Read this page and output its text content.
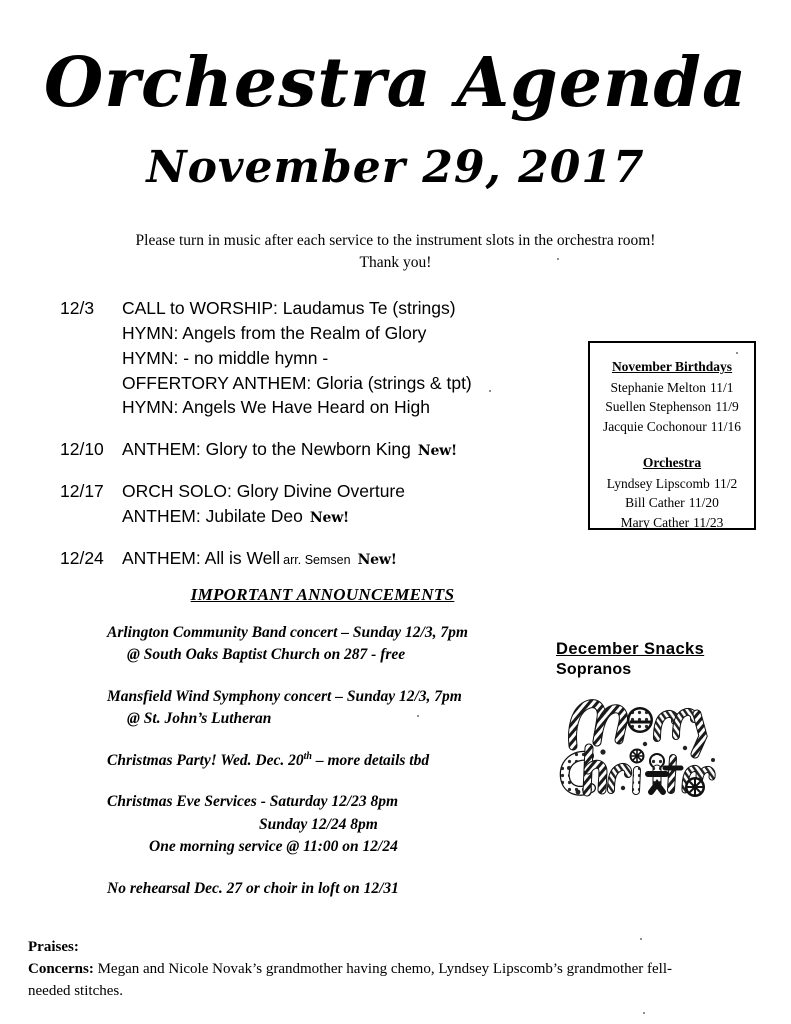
Orchestra Agenda
November 29, 2017
Please turn in music after each service to the instrument slots in the orchestra room!
Thank you!
12/3	CALL to WORSHIP: Laudamus Te (strings)
HYMN: Angels from the Realm of Glory
HYMN: - no middle hymn -
OFFERTORY ANTHEM: Gloria (strings & tpt)
HYMN: Angels We Have Heard on High
12/10	ANTHEM: Glory to the Newborn King New!
12/17	ORCH SOLO: Glory Divine Overture
ANTHEM: Jubilate Deo New!
12/24	ANTHEM: All is Well arr. Semsen New!
November Birthdays
Stephanie Melton 11/1
Suellen Stephenson 11/9
Jacquie Cochonour 11/16
Orchestra
Lyndsey Lipscomb 11/2
Bill Cather 11/20
Mary Cather 11/23
IMPORTANT ANNOUNCEMENTS
Arlington Community Band concert – Sunday 12/3, 7pm
@ South Oaks Baptist Church on 287 - free
Mansfield Wind Symphony concert – Sunday 12/3, 7pm
@ St. John’s Lutheran
Christmas Party! Wed. Dec. 20th – more details tbd
Christmas Eve Services - Saturday 12/23 8pm
Sunday 12/24 8pm
One morning service @ 11:00 on 12/24
No rehearsal Dec. 27 or choir in loft on 12/31
December Snacks
Sopranos
Praises:
Concerns: Megan and Nicole Novak’s grandmother having chemo, Lyndsey Lipscomb’s grandmother fell-
needed stitches.
